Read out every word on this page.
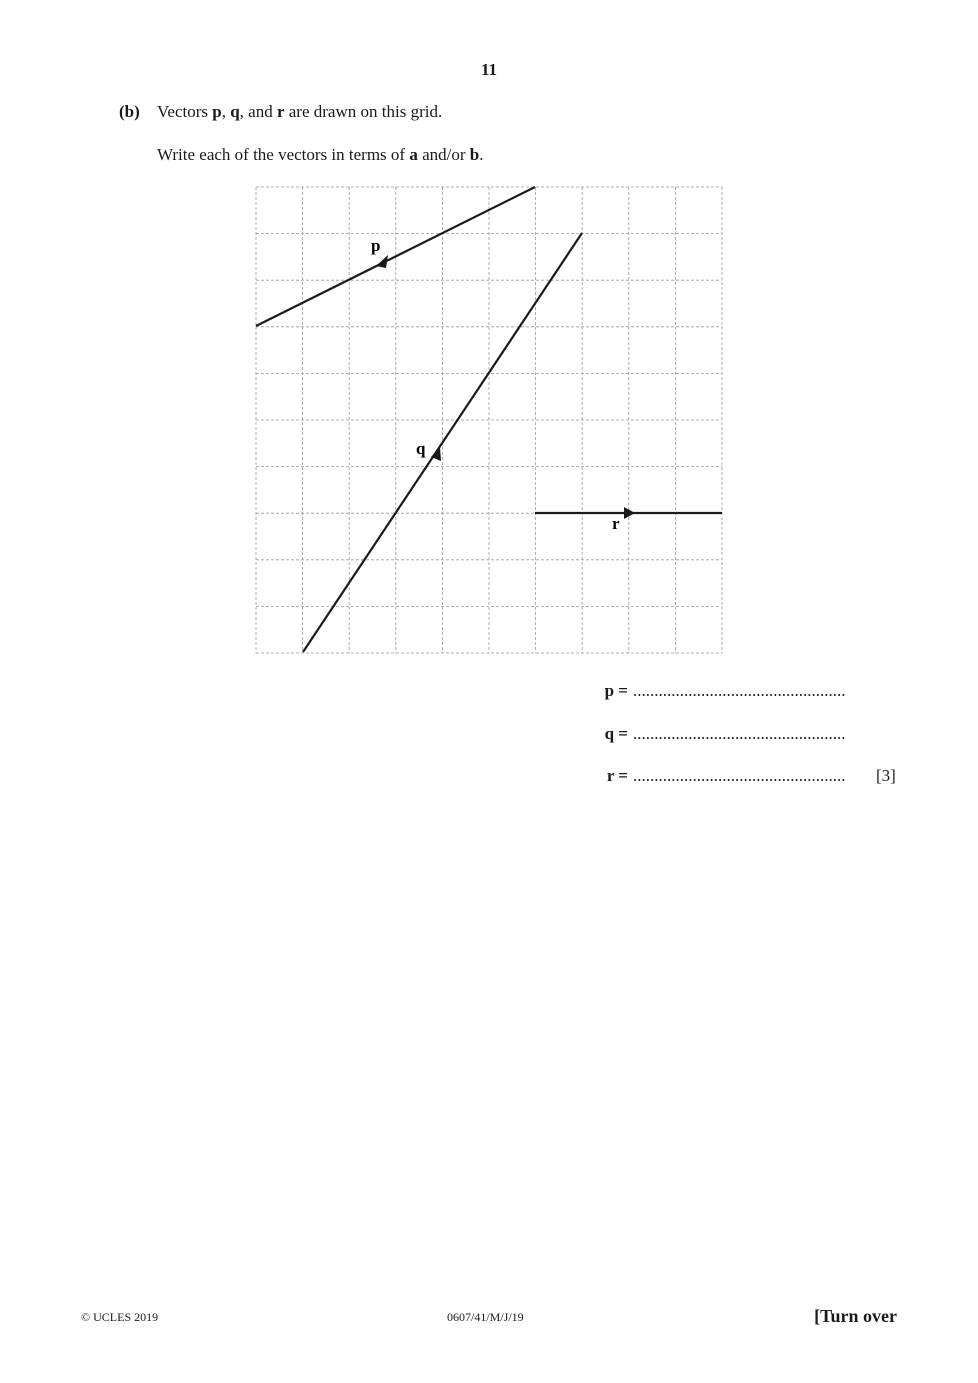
11
(b) Vectors p, q, and r are drawn on this grid.
Write each of the vectors in terms of a and/or b.
p
q
r
p = ..................................................
q = ..................................................
r = .................................................. [3]
© UCLES 2019	0607/41/M/J/19	[Turn over
